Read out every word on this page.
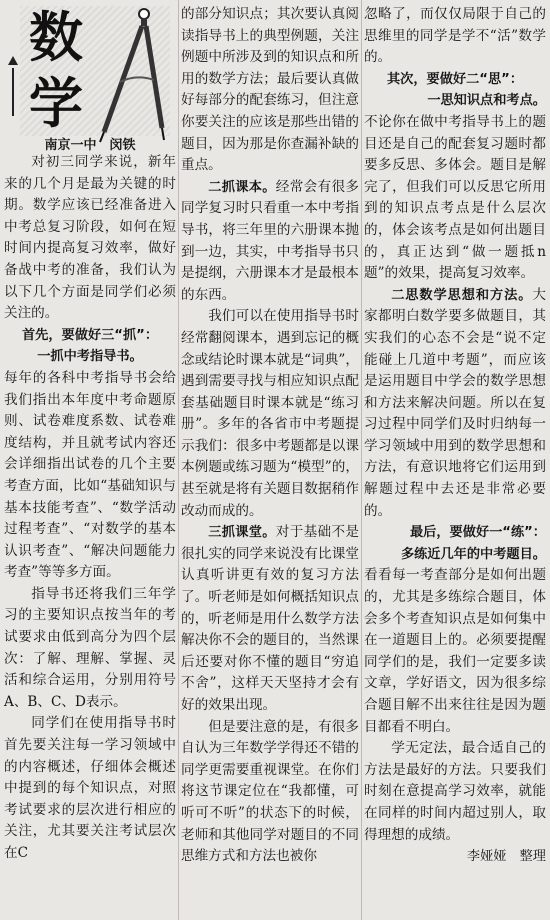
数
学
南京一中　闵铁

对初三同学来说，新年来的几个月是最为关键的时期。数学应该已经准备进入中考总复习阶段，如何在短时间内提高复习效率，做好备战中考的准备，我们认为以下几个方面是同学们必须关注的。

首先，要做好三“抓”：

一抓中考指导书。

每年的各科中考指导书会给我们指出本年度中考命题原则、试卷难度系数、试卷难度结构，并且就考试内容还会详细指出试卷的几个主要考查方面，比如“基础知识与基本技能考查”、“数学活动过程考查”、“对数学的基本认识考查”、“解决问题能力考查”等等多方面。

指导书还将我们三年学习的主要知识点按当年的考试要求由低到高分为四个层次：了解、理解、掌握、灵活和综合运用，分别用符号A、B、C、D表示。

同学们在使用指导书时首先要关注每一学习领域中的内容概述，仔细体会概述中提到的每个知识点，对照考试要求的层次进行相应的关注，尤其要关注考试层次在C

的部分知识点；其次要认真阅读指导书上的典型例题，关注例题中所涉及到的知识点和所用的数学方法；最后要认真做好每部分的配套练习，但注意你要关注的应该是那些出错的题目，因为那是你查漏补缺的重点。

二抓课本。经常会有很多同学复习时只看重一本中考指导书，将三年里的六册课本抛到一边，其实，中考指导书只是提纲，六册课本才是最根本的东西。

我们可以在使用指导书时经常翻阅课本，遇到忘记的概念或结论时课本就是“词典”，遇到需要寻找与相应知识点配套基础题目时课本就是“练习册”。多年的各省市中考题提示我们：很多中考题都是以课本例题或练习题为“模型”的，甚至就是将有关题目数据稍作改动而成的。

三抓课堂。对于基础不是很扎实的同学来说没有比课堂认真听讲更有效的复习方法了。听老师是如何概括知识点的，听老师是用什么数学方法解决你不会的题目的，当然课后还要对你不懂的题目“穷追不舍”，这样天天坚持才会有好的效果出现。

但是要注意的是，有很多自认为三年数学学得还不错的同学更需要重视课堂。在你们将这节课定位在“我都懂，可听可不听”的状态下的时候，老师和其他同学对题目的不同思维方式和方法也被你

忽略了，而仅仅局限于自己的思维里的同学是学不“活”数学的。

其次，要做好二“思”：

一思知识点和考点。

不论你在做中考指导书上的题目还是自己的配套复习题时都要多反思、多体会。题目是解完了，但我们可以反思它所用到的知识点考点是什么层次的，体会该考点是如何出题目的，真正达到“做一题抵n题”的效果，提高复习效率。

二思数学思想和方法。大家都明白数学要多做题目，其实我们的心态不会是“说不定能碰上几道中考题”，而应该是运用题目中学会的数学思想和方法来解决问题。所以在复习过程中同学们及时归纳每一学习领域中用到的数学思想和方法，有意识地将它们运用到解题过程中去还是非常必要的。

最后，要做好一“练”：

多练近几年的中考题目。

看看每一考查部分是如何出题的，尤其是多练综合题目，体会多个考查知识点是如何集中在一道题目上的。必须要提醒同学们的是，我们一定要多读文章，学好语文，因为很多综合题目解不出来往往是因为题目都看不明白。

学无定法，最合适自己的方法是最好的方法。只要我们时刻在意提高学习效率，就能在同样的时间内超过别人，取得理想的成绩。

李娅娅　整理
